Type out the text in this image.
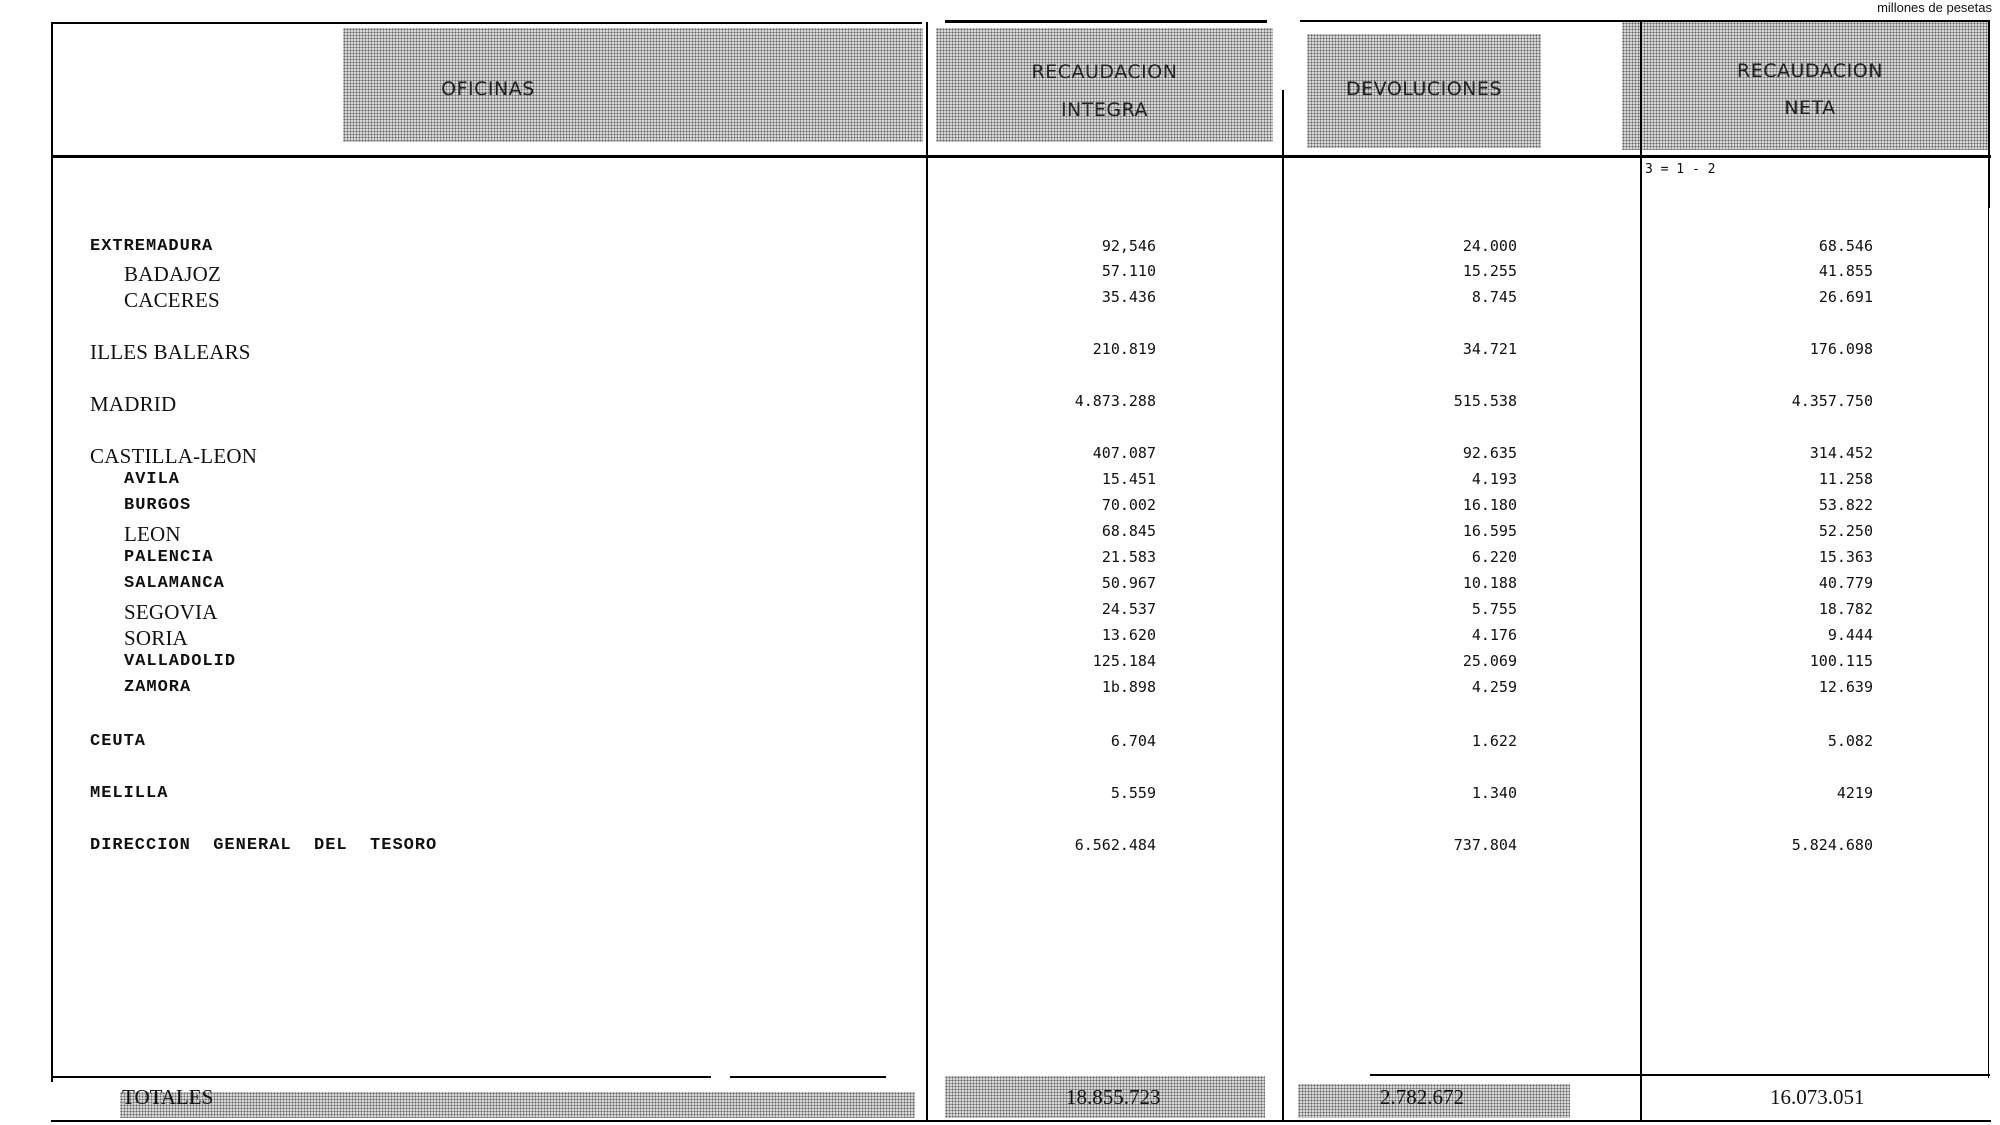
millones de pesetas
OFICINAS
RECAUDACION
INTEGRA
DEVOLUCIONES
RECAUDACION
NETA
3 = 1 - 2
EXTREMADURA	92,546	24.000	68.546
BADAJOZ	57.110	15.255	41.855
CACERES	35.436	8.745	26.691
ILLES BALEARS	210.819	34.721	176.098
MADRID	4.873.288	515.538	4.357.750
CASTILLA-LEON	407.087	92.635	314.452
AVILA	15.451	4.193	11.258
BURGOS	70.002	16.180	53.822
LEON	68.845	16.595	52.250
PALENCIA	21.583	6.220	15.363
SALAMANCA	50.967	10.188	40.779
SEGOVIA	24.537	5.755	18.782
SORIA	13.620	4.176	9.444
VALLADOLID	125.184	25.069	100.115
ZAMORA	1b.898	4.259	12.639
CEUTA	6.704	1.622	5.082
MELILLA	5.559	1.340	4219
DIRECCION  GENERAL  DEL  TESORO	6.562.484	737.804	5.824.680
TOTALES	18.855.723	2.782.672	16.073.051
